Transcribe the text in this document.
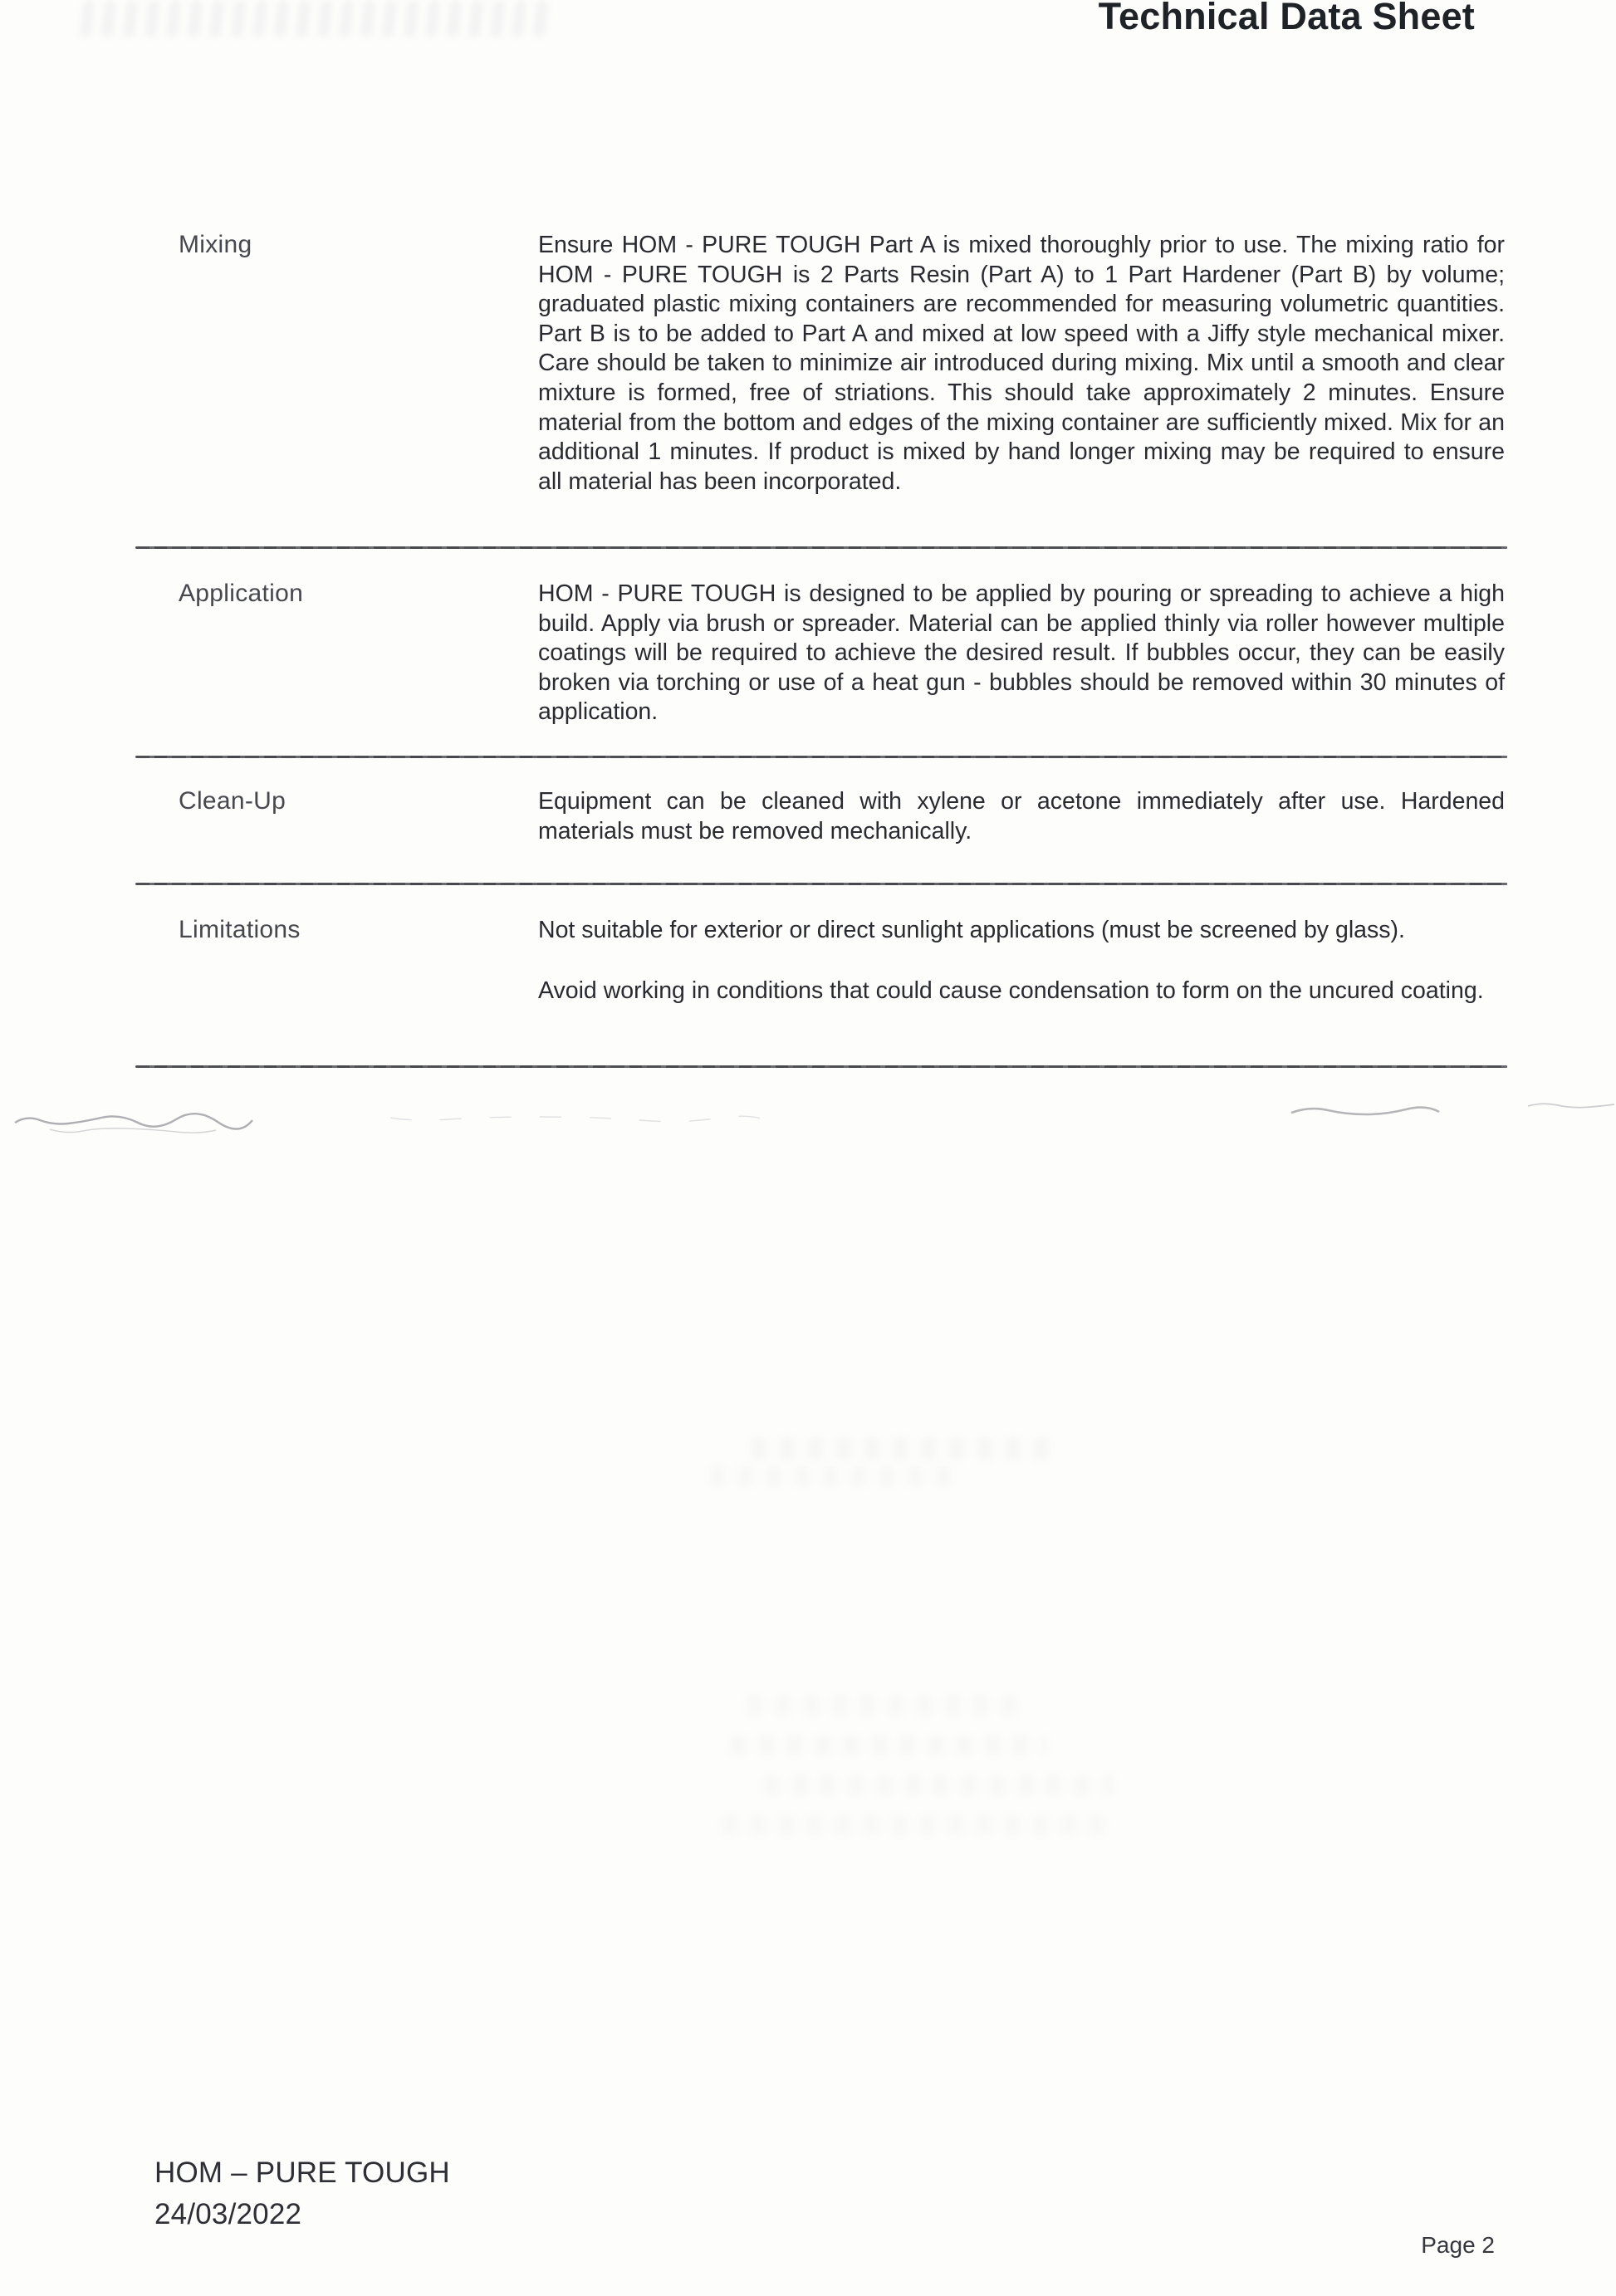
Technical Data Sheet
Mixing	Ensure HOM - PURE TOUGH Part A is mixed thoroughly prior to use. The mixing ratio for HOM - PURE TOUGH is 2 Parts Resin (Part A) to 1 Part Hardener (Part B) by volume; graduated plastic mixing containers are recommended for measuring volumetric quantities. Part B is to be added to Part A and mixed at low speed with a Jiffy style mechanical mixer. Care should be taken to minimize air introduced during mixing. Mix until a smooth and clear mixture is formed, free of striations. This should take approximately 2 minutes. Ensure material from the bottom and edges of the mixing container are sufficiently mixed. Mix for an additional 1 minutes. If product is mixed by hand longer mixing may be required to ensure all material has been incorporated.

Application	HOM - PURE TOUGH is designed to be applied by pouring or spreading to achieve a high build. Apply via brush or spreader. Material can be applied thinly via roller however multiple coatings will be required to achieve the desired result. If bubbles occur, they can be easily broken via torching or use of a heat gun - bubbles should be removed within 30 minutes of application.

Clean-Up	Equipment can be cleaned with xylene or acetone immediately after use. Hardened materials must be removed mechanically.

Limitations	Not suitable for exterior or direct sunlight applications (must be screened by glass).

Avoid working in conditions that could cause condensation to form on the uncured coating.

HOM – PURE TOUGH
24/03/2022
Page 2
